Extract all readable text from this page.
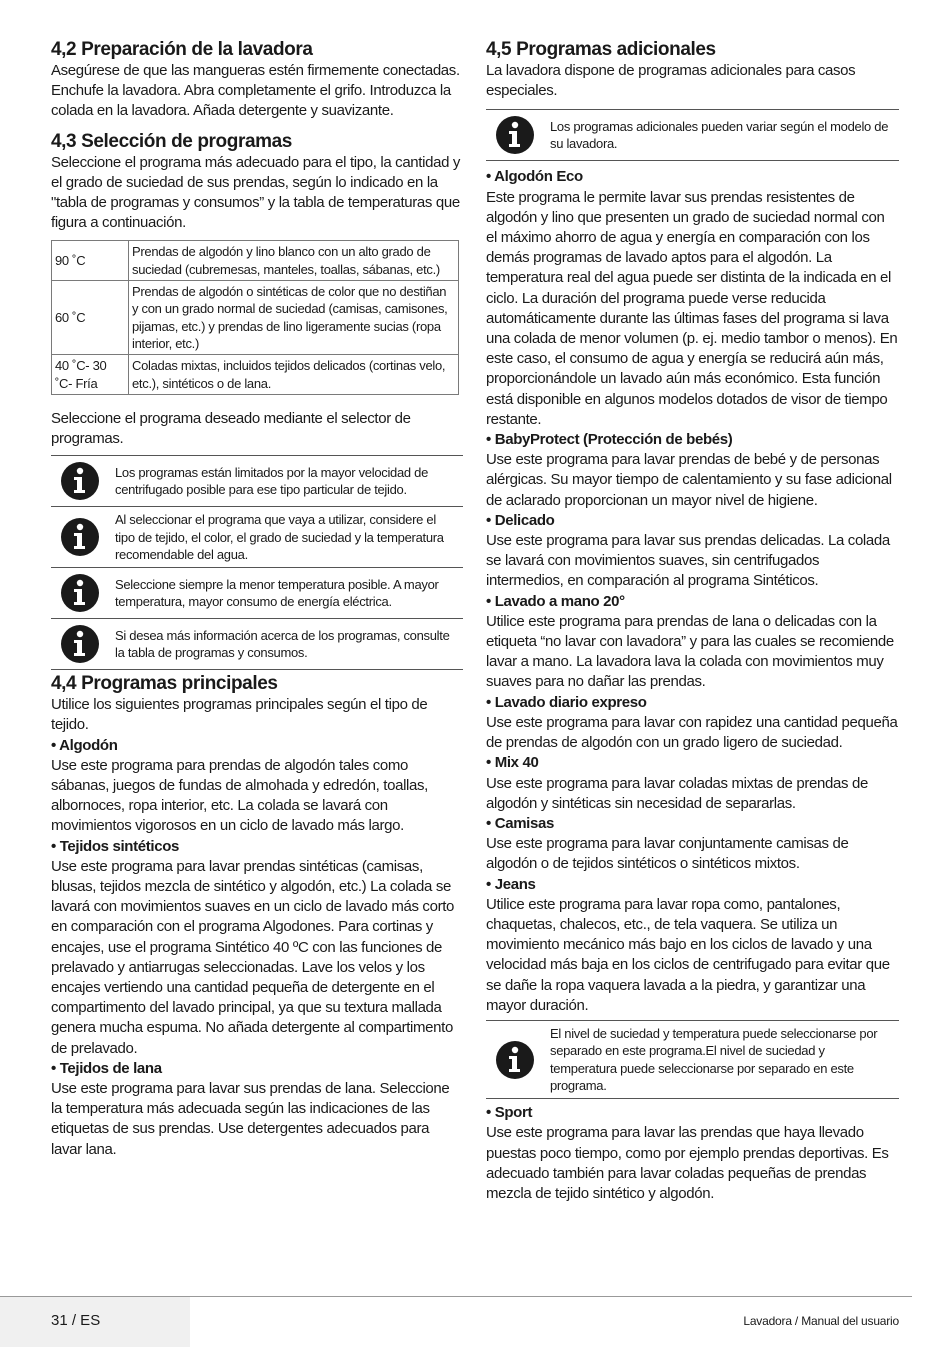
4,2 Preparación de la lavadora

Asegúrese de que las mangueras estén firmemente conectadas. Enchufe la lavadora. Abra completamente el grifo. Introduzca la colada en la lavadora. Añada detergente y suavizante.

4,3 Selección de programas

Seleccione el programa más adecuado para el tipo, la cantidad y el grado de suciedad de sus prendas, según lo indicado en la "tabla de programas y consumos” y la tabla de temperaturas que figura a continuación.

90 ˚C	Prendas de algodón y lino blanco con un alto grado de suciedad (cubremesas, manteles, toallas, sábanas, etc.)
60 ˚C	Prendas de algodón o sintéticas de color que no destiñan y con un grado normal de suciedad (camisas, camisones, pijamas, etc.) y prendas de lino ligeramente sucias (ropa interior, etc.)
40 ˚C- 30 ˚C- Fría	Coladas mixtas, incluidos tejidos delicados (cortinas velo, etc.), sintéticos o de lana.

Seleccione el programa deseado mediante el selector de programas.

Los programas están limitados por la mayor velocidad de centrifugado posible para ese tipo particular de tejido.
Al seleccionar el programa que vaya a utilizar, considere el tipo de tejido, el color, el grado de suciedad y la temperatura recomendable del agua.
Seleccione siempre la menor temperatura posible. A mayor temperatura, mayor consumo de energía eléctrica.
Si desea más información acerca de los programas, consulte la tabla de programas y consumos.
4,4 Programas principales

Utilice los siguientes programas principales según el tipo de tejido.

• Algodón

Use este programa para prendas de algodón tales como sábanas, juegos de fundas de almohada y edredón, toallas, albornoces, ropa interior, etc. La colada se lavará con movimientos vigorosos en un ciclo de lavado más largo.

• Tejidos sintéticos

Use este programa para lavar prendas sintéticas (camisas, blusas, tejidos mezcla de sintético y algodón, etc.) La colada se lavará con movimientos suaves en un ciclo de lavado más corto en comparación con el programa Algodones. Para cortinas y encajes, use el programa Sintético 40 ºC con las funciones de prelavado y antiarrugas seleccionadas. Lave los velos y los encajes vertiendo una cantidad pequeña de detergente en el compartimento del lavado principal, ya que su textura mallada genera mucha espuma. No añada detergente al compartimento de prelavado.

• Tejidos de lana

Use este programa para lavar sus prendas de lana. Seleccione la temperatura más adecuada según las indicaciones de las etiquetas de sus prendas. Use detergentes adecuados para lavar lana.

4,5 Programas adicionales

La lavadora dispone de programas adicionales para casos especiales.

Los programas adicionales pueden variar según el modelo de su lavadora.

• Algodón Eco

Este programa le permite lavar sus prendas resistentes de algodón y lino que presenten un grado de suciedad normal con el máximo ahorro de agua y energía en comparación con los demás programas de lavado aptos para el algodón. La temperatura real del agua puede ser distinta de la indicada en el ciclo. La duración del programa puede verse reducida automáticamente durante las últimas fases del programa si lava una colada de menor volumen (p. ej. medio tambor o menos). En este caso, el consumo de agua y energía se reducirá aún más, proporcionándole un lavado aún más económico. Esta función está disponible en algunos modelos dotados de visor de tiempo restante.

• BabyProtect (Protección de bebés)

Use este programa para lavar prendas de bebé y de personas alérgicas. Su mayor tiempo de calentamiento y su fase adicional de aclarado proporcionan un mayor nivel de higiene.

• Delicado

Use este programa para lavar sus prendas delicadas. La colada se lavará con movimientos suaves, sin centrifugados intermedios, en comparación al programa Sintéticos.

• Lavado a mano 20°

Utilice este programa para prendas de lana o delicadas con la etiqueta “no lavar con lavadora” y para las cuales se recomiende lavar a mano. La lavadora lava la colada con movimientos muy suaves para no dañar las prendas.

• Lavado diario expreso

Use este programa para lavar con rapidez una cantidad pequeña de prendas de algodón con un grado ligero de suciedad.

• Mix 40

Use este programa para lavar coladas mixtas de prendas de algodón y sintéticas sin necesidad de separarlas.

• Camisas

Use este programa para lavar conjuntamente camisas de algodón o de tejidos sintéticos o sintéticos mixtos.

• Jeans

Utilice este programa para lavar ropa como, pantalones, chaquetas, chalecos, etc., de tela vaquera. Se utiliza un movimiento mecánico más bajo en los ciclos de lavado y una velocidad más baja en los ciclos de centrifugado para evitar que se dañe la ropa vaquera lavada a la piedra, y garantizar una mayor duración.

El nivel de suciedad y temperatura puede seleccionarse por separado en este programa.El nivel de suciedad y temperatura puede seleccionarse por separado en este programa.

• Sport

Use este programa para lavar las prendas que haya llevado puestas poco tiempo, como por ejemplo prendas deportivas. Es adecuado también para lavar coladas pequeñas de prendas mezcla de tejido sintético y algodón.

31 / ES	Lavadora / Manual del usuario
